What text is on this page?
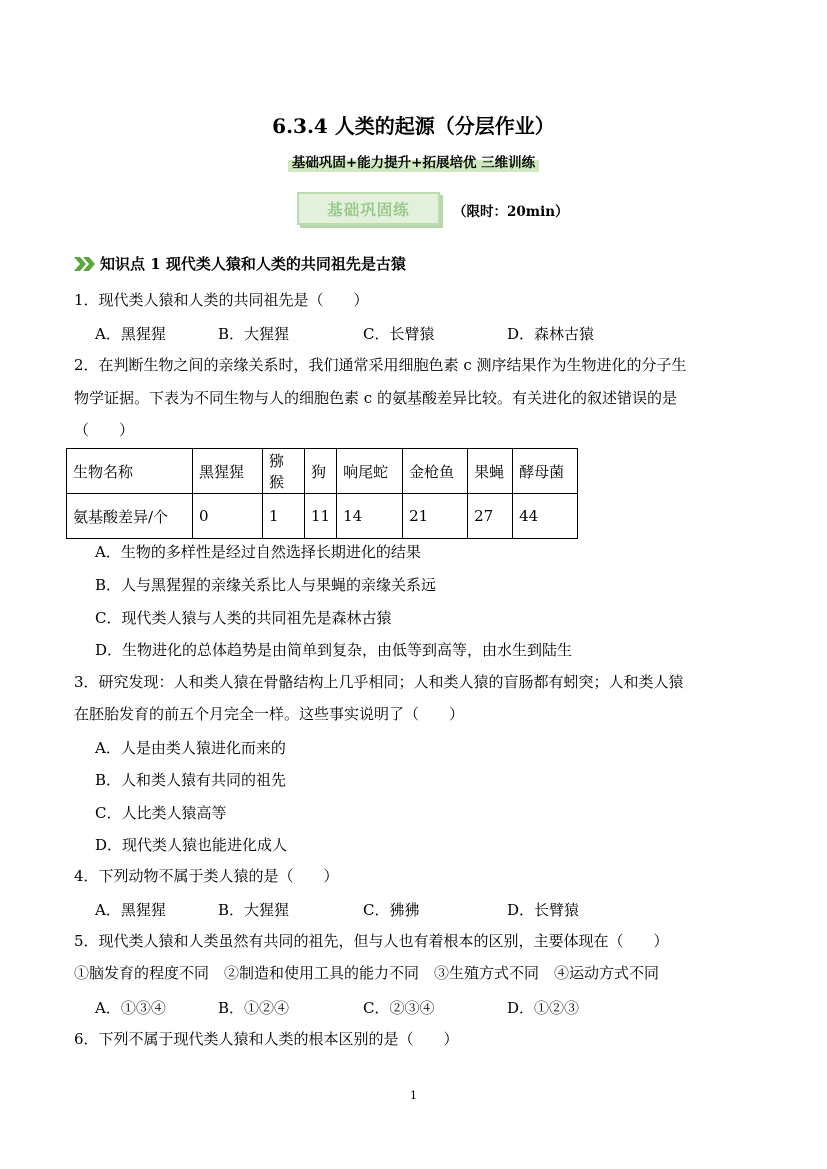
6.3.4 人类的起源（分层作业）
基础巩固+能力提升+拓展培优 三维训练
基础巩固练	（限时：20min）
知识点 1 现代类人猿和人类的共同祖先是古猿
1．现代类人猿和人类的共同祖先是（　　）
A．黑猩猩	B．大猩猩	C．长臂猿	D．森林古猿
2．在判断生物之间的亲缘关系时，我们通常采用细胞色素 c 测序结果作为生物进化的分子生
物学证据。下表为不同生物与人的细胞色素 c 的氨基酸差异比较。有关进化的叙述错误的是
（　　）
生物名称	黑猩猩	猕猴	狗	响尾蛇	金枪鱼	果蝇	酵母菌
氨基酸差异/个	0	1	11	14	21	27	44
A．生物的多样性是经过自然选择长期进化的结果
B．人与黑猩猩的亲缘关系比人与果蝇的亲缘关系远
C．现代类人猿与人类的共同祖先是森林古猿
D．生物进化的总体趋势是由简单到复杂，由低等到高等，由水生到陆生
3．研究发现：人和类人猿在骨骼结构上几乎相同；人和类人猿的盲肠都有蚓突；人和类人猿
在胚胎发育的前五个月完全一样。这些事实说明了（　　）
A．人是由类人猿进化而来的
B．人和类人猿有共同的祖先
C．人比类人猿高等
D．现代类人猿也能进化成人
4．下列动物不属于类人猿的是（　　）
A．黑猩猩	B．大猩猩	C．狒狒	D．长臂猿
5．现代类人猿和人类虽然有共同的祖先，但与人也有着根本的区别，主要体现在（　　）
①脑发育的程度不同　②制造和使用工具的能力不同　③生殖方式不同　④运动方式不同
A．①③④	B．①②④	C．②③④	D．①②③
6．下列不属于现代类人猿和人类的根本区别的是（　　）
1
